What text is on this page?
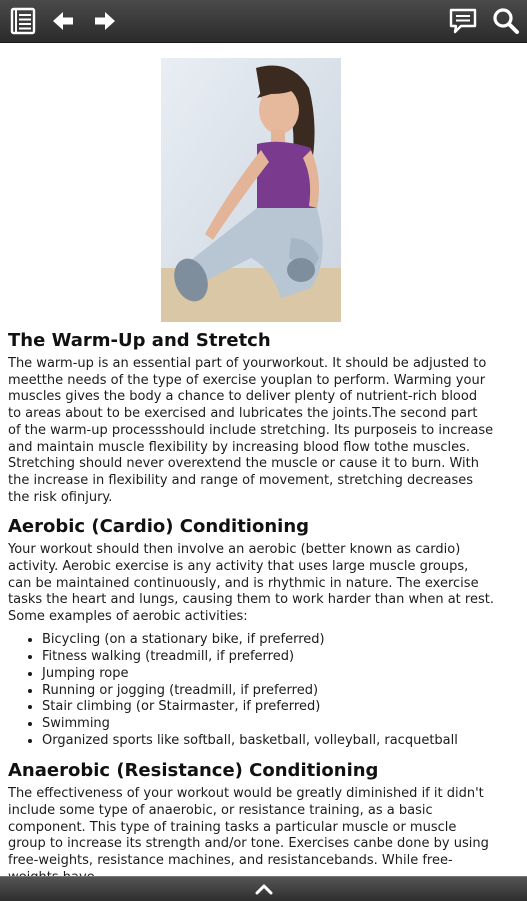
The Warm-Up and Stretch

The warm-up is an essential part of yourworkout. It should be adjusted to meetthe needs of the type of exercise youplan to perform. Warming your muscles gives the body a chance to deliver plenty of nutrient-rich blood to areas about to be exercised and lubricates the joints.The second part of the warm-up processshould include stretching. Its purposeis to increase and maintain muscle flexibility by increasing blood flow tothe muscles. Stretching should never overextend the muscle or cause it to burn. With the increase in flexibility and range of movement, stretching decreases the risk ofinjury.

Aerobic (Cardio) Conditioning

Your workout should then involve an aerobic (better known as cardio) activity. Aerobic exercise is any activity that uses large muscle groups, can be maintained continuously, and is rhythmic in nature. The exercise tasks the heart and lungs, causing them to work harder than when at rest. Some examples of aerobic activities:

• Bicycling (on a stationary bike, if preferred)
• Fitness walking (treadmill, if preferred)
• Jumping rope
• Running or jogging (treadmill, if preferred)
• Stair climbing (or Stairmaster, if preferred)
• Swimming
• Organized sports like softball, basketball, volleyball, racquetball
Anaerobic (Resistance) Conditioning

The effectiveness of your workout would be greatly diminished if it didn't include some type of anaerobic, or resistance training, as a basic component. This type of training tasks a particular muscle or muscle group to increase its strength and/or tone. Exercises canbe done by using free-weights, resistance machines, and resistancebands. While free-
